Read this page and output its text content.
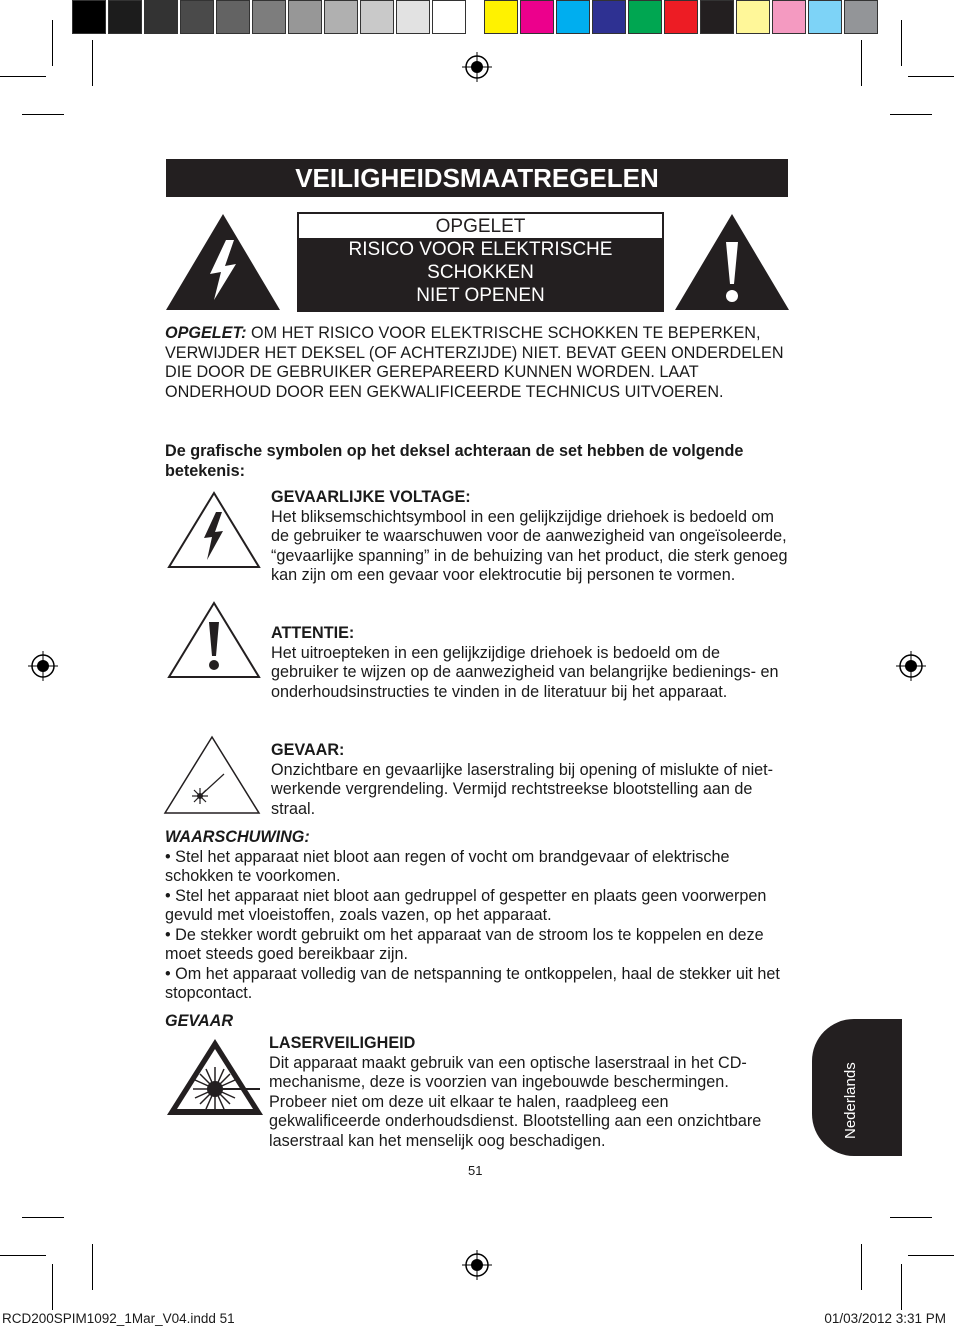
VEILIGHEIDSMAATREGELEN
OPGELET
RISICO VOOR ELEKTRISCHE
SCHOKKEN
NIET OPENEN
OPGELET: OM HET RISICO VOOR ELEKTRISCHE SCHOKKEN TE BEPERKEN, VERWIJDER HET DEKSEL (OF ACHTERZIJDE) NIET. BEVAT GEEN ONDERDELEN DIE DOOR DE GEBRUIKER GEREPAREERD KUNNEN WORDEN. LAAT ONDERHOUD DOOR EEN GEKWALIFICEERDE TECHNICUS UITVOEREN.
De grafische symbolen op het deksel achteraan de set hebben de volgende betekenis:
GEVAARLIJKE VOLTAGE:
Het bliksemschichtsymbool in een gelijkzijdige driehoek is bedoeld om de gebruiker te waarschuwen voor de aanwezigheid van ongeïsoleerde, “gevaarlijke spanning” in de behuizing van het product, die sterk genoeg kan zijn om een gevaar voor elektrocutie bij personen te vormen.
ATTENTIE:
Het uitroepteken in een gelijkzijdige driehoek is bedoeld om de gebruiker te wijzen op de aanwezigheid van belangrijke bedienings- en onderhoudsinstructies te vinden in de literatuur bij het apparaat.
GEVAAR:
Onzichtbare en gevaarlijke laserstraling bij opening of mislukte of niet-werkende vergrendeling. Vermijd rechtstreekse blootstelling aan de straal.
WAARSCHUWING:
• Stel het apparaat niet bloot aan regen of vocht om brandgevaar of elektrische schokken te voorkomen.
• Stel het apparaat niet bloot aan gedruppel of gespetter en plaats geen voorwerpen gevuld met vloeistoffen, zoals vazen, op het apparaat.
• De stekker wordt gebruikt om het apparaat van de stroom los te koppelen en deze moet steeds goed bereikbaar zijn.
• Om het apparaat volledig van de netspanning te ontkoppelen, haal de stekker uit het stopcontact.
GEVAAR
LASERVEILIGHEID
Dit apparaat maakt gebruik van een optische laserstraal in het CD-mechanisme, deze is voorzien van ingebouwde beschermingen. Probeer niet om deze uit elkaar te halen, raadpleeg een gekwalificeerde onderhoudsdienst. Blootstelling aan een onzichtbare laserstraal kan het menselijk oog beschadigen.
51
Nederlands
RCD200SPIM1092_1Mar_V04.indd 51	01/03/2012 3:31 PM
